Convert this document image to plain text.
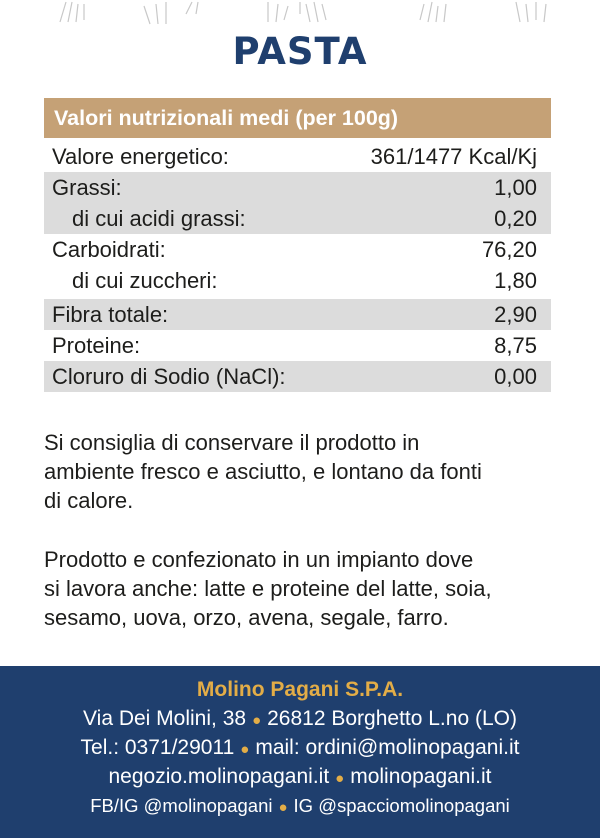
PASTA
Valori nutrizionali medi (per 100g)
Valore energetico:	361/1477 Kcal/Kj
Grassi:	1,00
di cui acidi grassi:	0,20
Carboidrati:	76,20
di cui zuccheri:	1,80
Fibra totale:	2,90
Proteine:	8,75
Cloruro di Sodio (NaCl):	0,00
Si consiglia di conservare il prodotto in
ambiente fresco e asciutto, e lontano da fonti
di calore.
Prodotto e confezionato in un impianto dove
si lavora anche: latte e proteine del latte, soia,
sesamo, uova, orzo, avena, segale, farro.
Molino Pagani S.P.A.
Via Dei Molini, 38 ● 26812 Borghetto L.no (LO)
Tel.: 0371/29011 ● mail: ordini@molinopagani.it
negozio.molinopagani.it ● molinopagani.it
FB/IG @molinopagani ● IG @spacciomolinopagani
